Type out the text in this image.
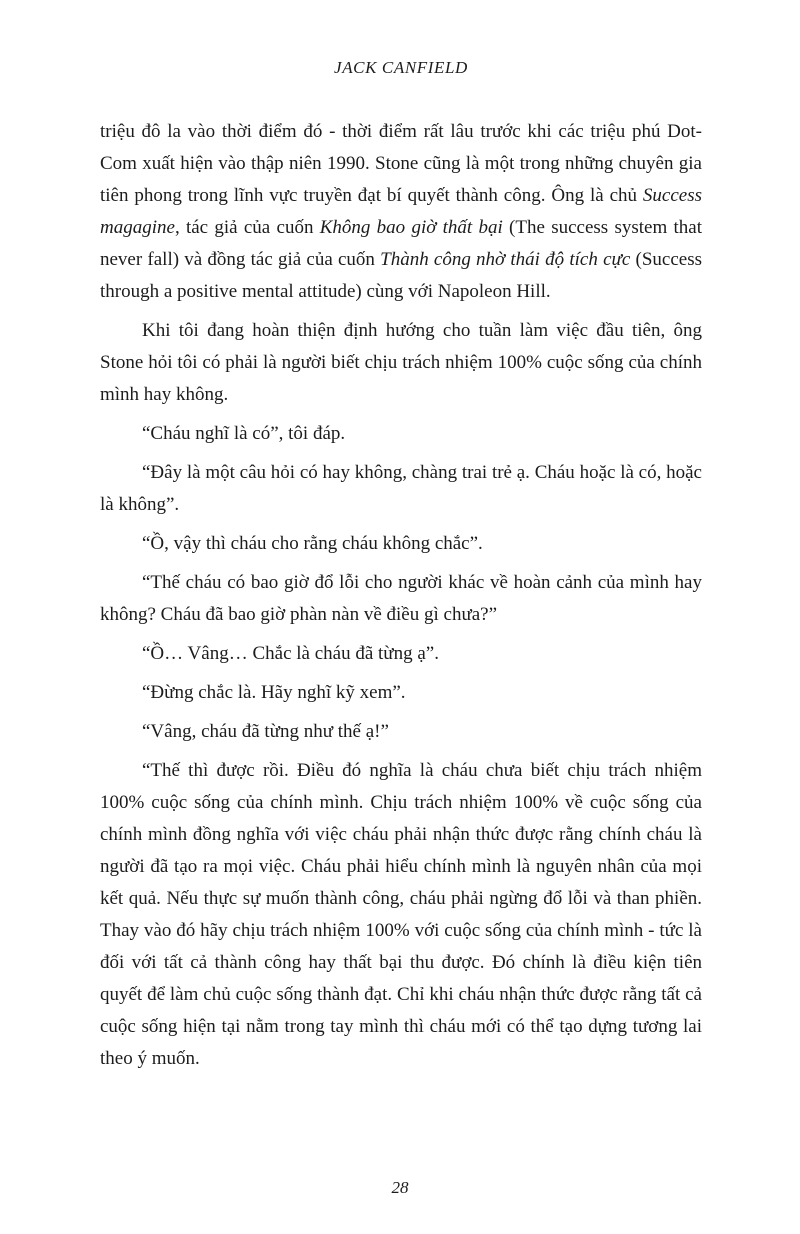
JACK CANFIELD

triệu đô la vào thời điểm đó - thời điểm rất lâu trước khi các triệu phú Dot-Com xuất hiện vào thập niên 1990. Stone cũng là một trong những chuyên gia tiên phong trong lĩnh vực truyền đạt bí quyết thành công. Ông là chủ Success magagine, tác giả của cuốn Không bao giờ thất bại (The success system that never fall) và đồng tác giả của cuốn Thành công nhờ thái độ tích cực (Success through a positive mental attitude) cùng với Napoleon Hill.

Khi tôi đang hoàn thiện định hướng cho tuần làm việc đầu tiên, ông Stone hỏi tôi có phải là người biết chịu trách nhiệm 100% cuộc sống của chính mình hay không.

“Cháu nghĩ là có”, tôi đáp.

“Đây là một câu hỏi có hay không, chàng trai trẻ ạ. Cháu hoặc là có, hoặc là không”.

“Ồ, vậy thì cháu cho rằng cháu không chắc”.

“Thế cháu có bao giờ đổ lỗi cho người khác về hoàn cảnh của mình hay không? Cháu đã bao giờ phàn nàn về điều gì chưa?”

“Ồ… Vâng… Chắc là cháu đã từng ạ”.

“Đừng chắc là. Hãy nghĩ kỹ xem”.

“Vâng, cháu đã từng như thế ạ!”

“Thế thì được rồi. Điều đó nghĩa là cháu chưa biết chịu trách nhiệm 100% cuộc sống của chính mình. Chịu trách nhiệm 100% về cuộc sống của chính mình đồng nghĩa với việc cháu phải nhận thức được rằng chính cháu là người đã tạo ra mọi việc. Cháu phải hiểu chính mình là nguyên nhân của mọi kết quả. Nếu thực sự muốn thành công, cháu phải ngừng đổ lỗi và than phiền. Thay vào đó hãy chịu trách nhiệm 100% với cuộc sống của chính mình - tức là đối với tất cả thành công hay thất bại thu được. Đó chính là điều kiện tiên quyết để làm chủ cuộc sống thành đạt. Chỉ khi cháu nhận thức được rằng tất cả cuộc sống hiện tại nằm trong tay mình thì cháu mới có thể tạo dựng tương lai theo ý muốn.

28
